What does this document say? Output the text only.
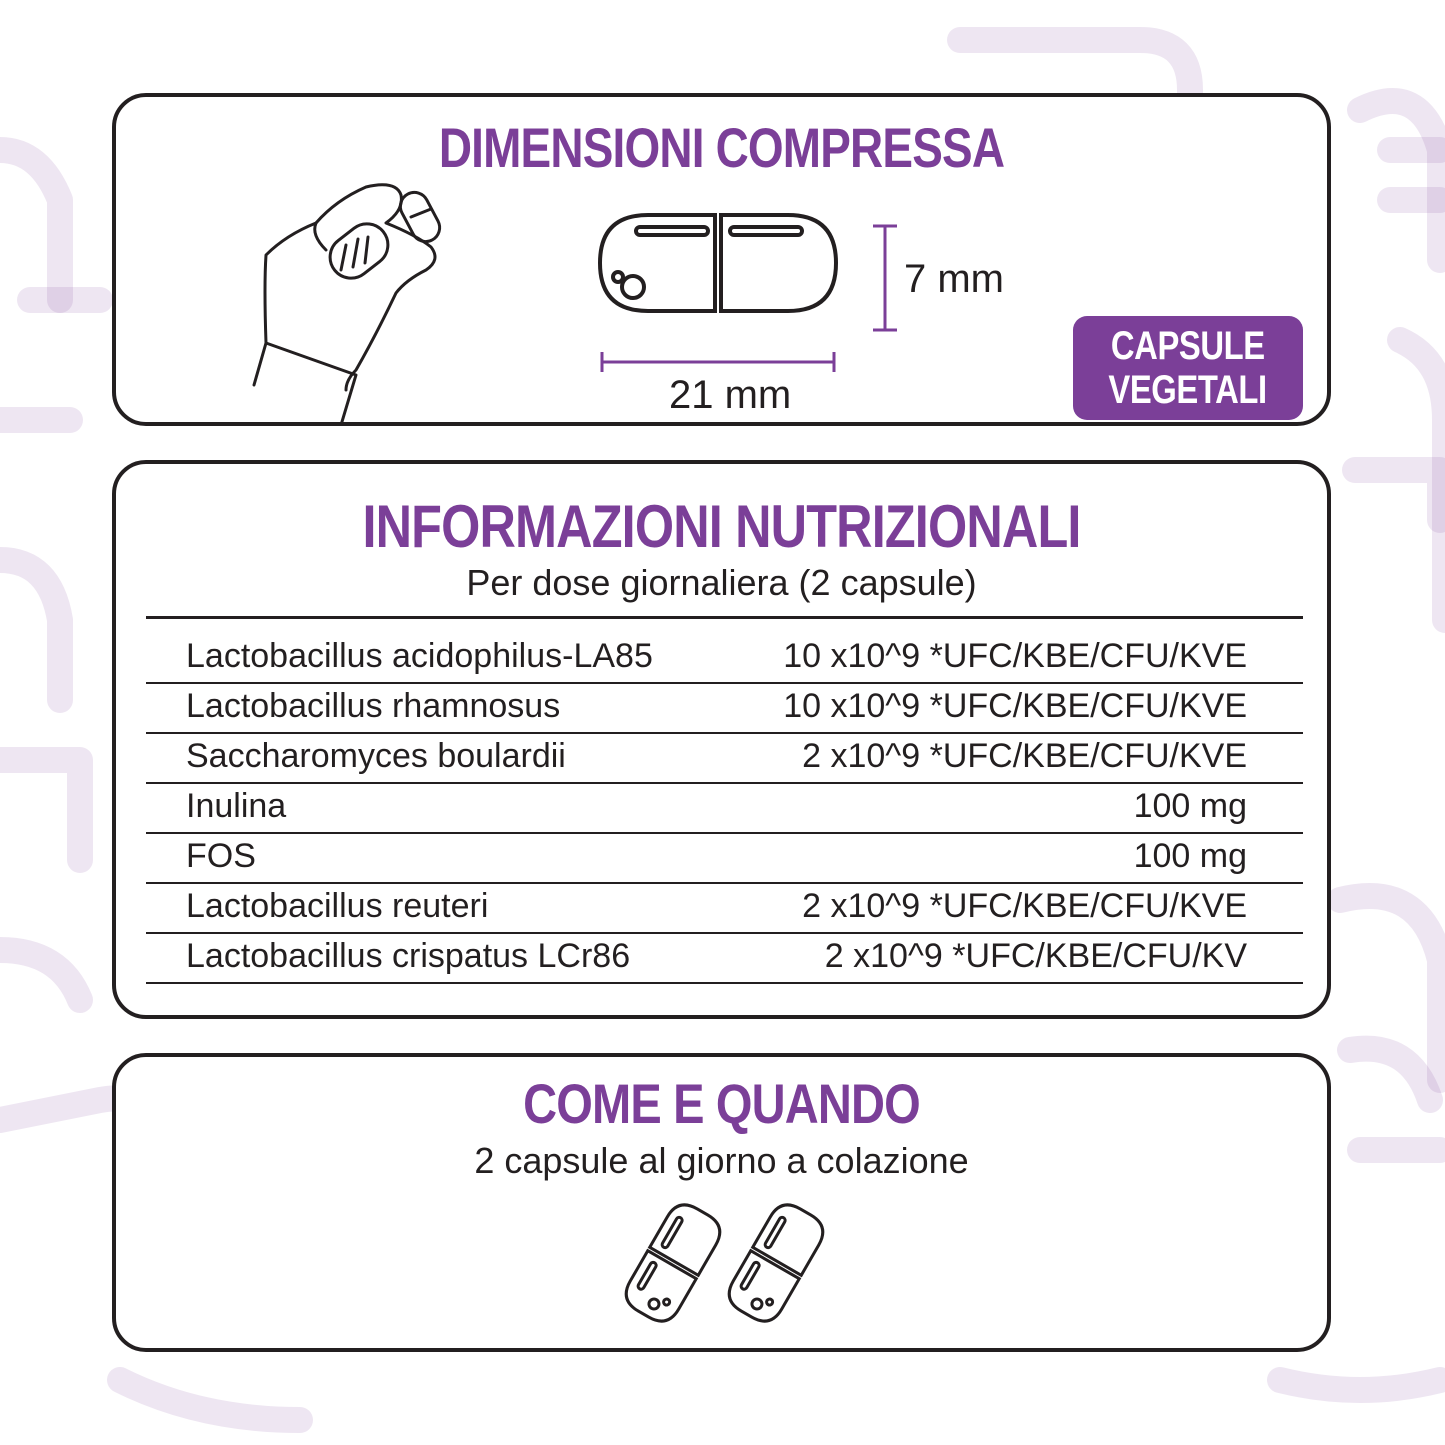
DIMENSIONI COMPRESSA
21 mm
7 mm
CAPSULE
VEGETALI
INFORMAZIONI NUTRIZIONALI

Per dose giornaliera (2 capsule)

Lactobacillus acidophilus-LA85	10 x10^9 *UFC/KBE/CFU/KVE
Lactobacillus rhamnosus	10 x10^9 *UFC/KBE/CFU/KVE
Saccharomyces boulardii	2 x10^9 *UFC/KBE/CFU/KVE
Inulina	100 mg
FOS	100 mg
Lactobacillus reuteri	2 x10^9 *UFC/KBE/CFU/KVE
Lactobacillus crispatus LCr86	2 x10^9 *UFC/KBE/CFU/KV
COME E QUANDO

2 capsule al giorno a colazione
